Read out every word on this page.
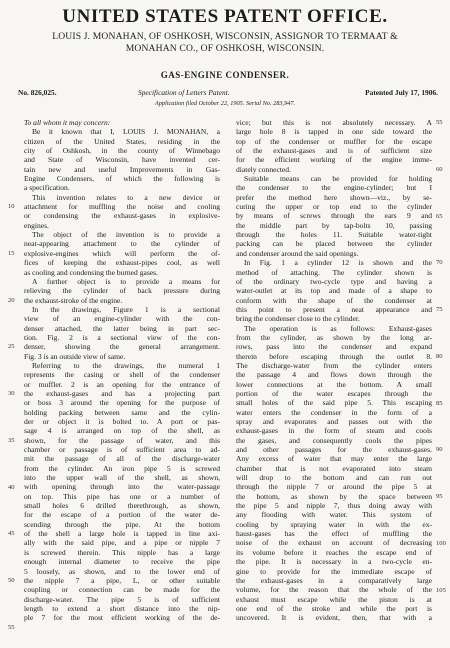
UNITED STATES PATENT OFFICE.
LOUIS J. MONAHAN, OF OSHKOSH, WISCONSIN, ASSIGNOR TO TERMAAT &
MONAHAN CO., OF OSHKOSH, WISCONSIN.
GAS-ENGINE CONDENSER.
No. 826,025.	Specification of Letters Patent.	Patented July 17, 1906.
Application filed October 22, 1905. Serial No. 283,947.
To all whom it may concern:
Be it known that I, LOUIS J. MONAHAN, a
citizen of the United States, residing in the
city of Oshkosh, in the county of Winnebago
and State of Wisconsin, have invented cer-
tain new and useful Improvements in Gas-
Engine Condensers, of which the following is
a specification.
This invention relates to a new device or
attachment for muffling the noise and cooling
or condensing the exhaust-gases in explosive-
engines.
The object of the invention is to provide a
neat-appearing attachment to the cylinder of
explosive-engines which will perform the of-
fices of keeping the exhaust-pipes cool, as well
as cooling and condensing the burned gases.
A further object is to provide a means for
relieving the cylinder of back pressure during
the exhaust-stroke of the engine.
In the drawings, Figure 1 is a sectional
view of an engine-cylinder with the con-
denser attached, the latter being in part sec-
tion. Fig. 2 is a sectional view of the con-
denser, showing the general arrangement.
Fig. 3 is an outside view of same.
Referring to the drawings, the numeral 1
represents the casing or shell of the condenser
or muffler. 2 is an opening for the entrance of
the exhaust-gases and has a projecting part
or boss 3 around the opening for the purpose of
holding packing between same and the cylin-
der or object it is bolted to. A port or pas-
sage 4 is arranged on top of the shell, as
shown, for the passage of water, and this
chamber or passage is of sufficient area to ad-
mit the passage of all of the discharge-water
from the cylinder. An iron pipe 5 is screwed
into the upper wall of the shell, as shown,
with opening through into the water-passage
on top. This pipe has one or a number of
small holes 6 drilled therethrough, as shown,
for the escape of a portion of the water de-
scending through the pipe. At the bottom
of the shell a large hole is tapped in line axi-
ally with the said pipe, and a pipe or nipple 7
is screwed therein. This nipple has a large
enough internal diameter to receive the pipe
5 loosely, as shown, and to the lower end of
the nipple 7 a pipe, L, or other suitable
coupling or connection can be made for the
discharge-water. The pipe 5 is of sufficient
length to extend a short distance into the nip-
ple 7 for the most efficient working of the de-
vice; but this is not absolutely necessary. A
large hole 8 is tapped in one side toward the
top of the condenser or muffler for the escape
of the exhaust-gases and is of sufficient size
for the efficient working of the engine imme-
diately connected.
Suitable means can be provided for holding
the condenser to the engine-cylinder; but I
prefer the method here shown—viz., by se-
curing the upper or top end to the cylinder
by means of screws through the ears 9 and
the middle part by tap-bolts 10, passing
through the holes 11. Suitable water-tight
packing can be placed between the cylinder
and condenser around the said openings.
In Fig. 1 a cylinder 12 is shown and the
method of attaching. The cylinder shown is
of the ordinary two-cycle type and having a
water-outlet at its top and made of a shape to
conform with the shape of the condenser at
this point to present a neat appearance and
bring the condenser close to the cylinder.
The operation is as follows: Exhaust-gases
from the cylinder, as shown by the long ar-
rows, pass into the condenser and expand
therein before escaping through the outlet 8.
The discharge-water from the cylinder enters
the passage 4 and flows down through the
lower connections at the bottom. A small
portion of the water escapes through the
small holes of the said pipe 5. This escaping
water enters the condenser in the form of a
spray and evaporates and passes out with the
exhaust-gases in the form of steam and cools
the gases, and consequently cools the pipes
and other passages for the exhaust-gases.
Any excess of water that may enter the large
chamber that is not evaporated into steam
will drop to the bottom and can run out
through the nipple 7 or around the pipe 5 at
the bottom, as shown by the space between
the pipe 5 and nipple 7, thus doing away with
any flooding with water. This system of
cooling by spraying water in with the ex-
haust-gases has the effect of muffling the
noise of the exhaust on account of decreasing
its volume before it reaches the escape end of
the pipe. It is necessary in a two-cycle en-
gine to provide for the immediate escape of
the exhaust-gases in a comparatively large
volume, for the reason that the whole of the
exhaust must escape while the piston is at
one end of the stroke and while the port is
uncovered. It is evident, then, that with a
10
15
20
25
30
35
40
45
50
55
55
60
65
70
75
80
85
90
95
100
105
